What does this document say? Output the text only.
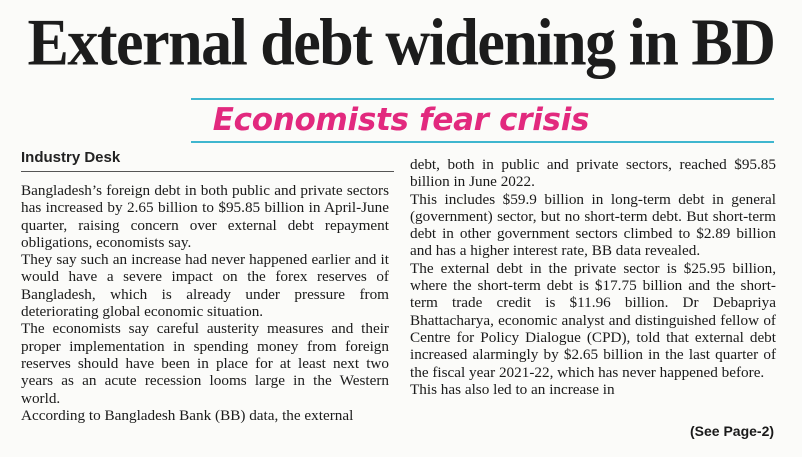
External debt widening in BD
Economists fear crisis
Industry Desk

Bangladesh’s foreign debt in both public and private sectors has increased by 2.65 billion to $95.85 billion in April-June quarter, raising concern over external debt repayment obligations, economists say.

They say such an increase had never happened earlier and it would have a severe impact on the forex reserves of Bangladesh, which is already under pressure from deteriorating global economic situation.

The economists say careful austerity measures and their proper implementation in spending money from foreign reserves should have been in place for at least next two years as an acute recession looms large in the Western world.

According to Bangladesh Bank (BB) data, the external

debt, both in public and private sectors, reached $95.85 billion in June 2022.

This includes $59.9 billion in long-term debt in general (government) sector, but no short-term debt. But short-term debt in other government sectors climbed to $2.89 billion and has a higher interest rate, BB data revealed.

The external debt in the private sector is $25.95 billion, where the short-term debt is $17.75 billion and the short-term trade credit is $11.96 billion. Dr Debapriya Bhattacharya, economic analyst and distinguished fellow of Centre for Policy Dialogue (CPD), told that external debt increased alarmingly by $2.65 billion in the last quarter of the fiscal year 2021-22, which has never happened before.

This has also led to an increase in

(See Page-2)
